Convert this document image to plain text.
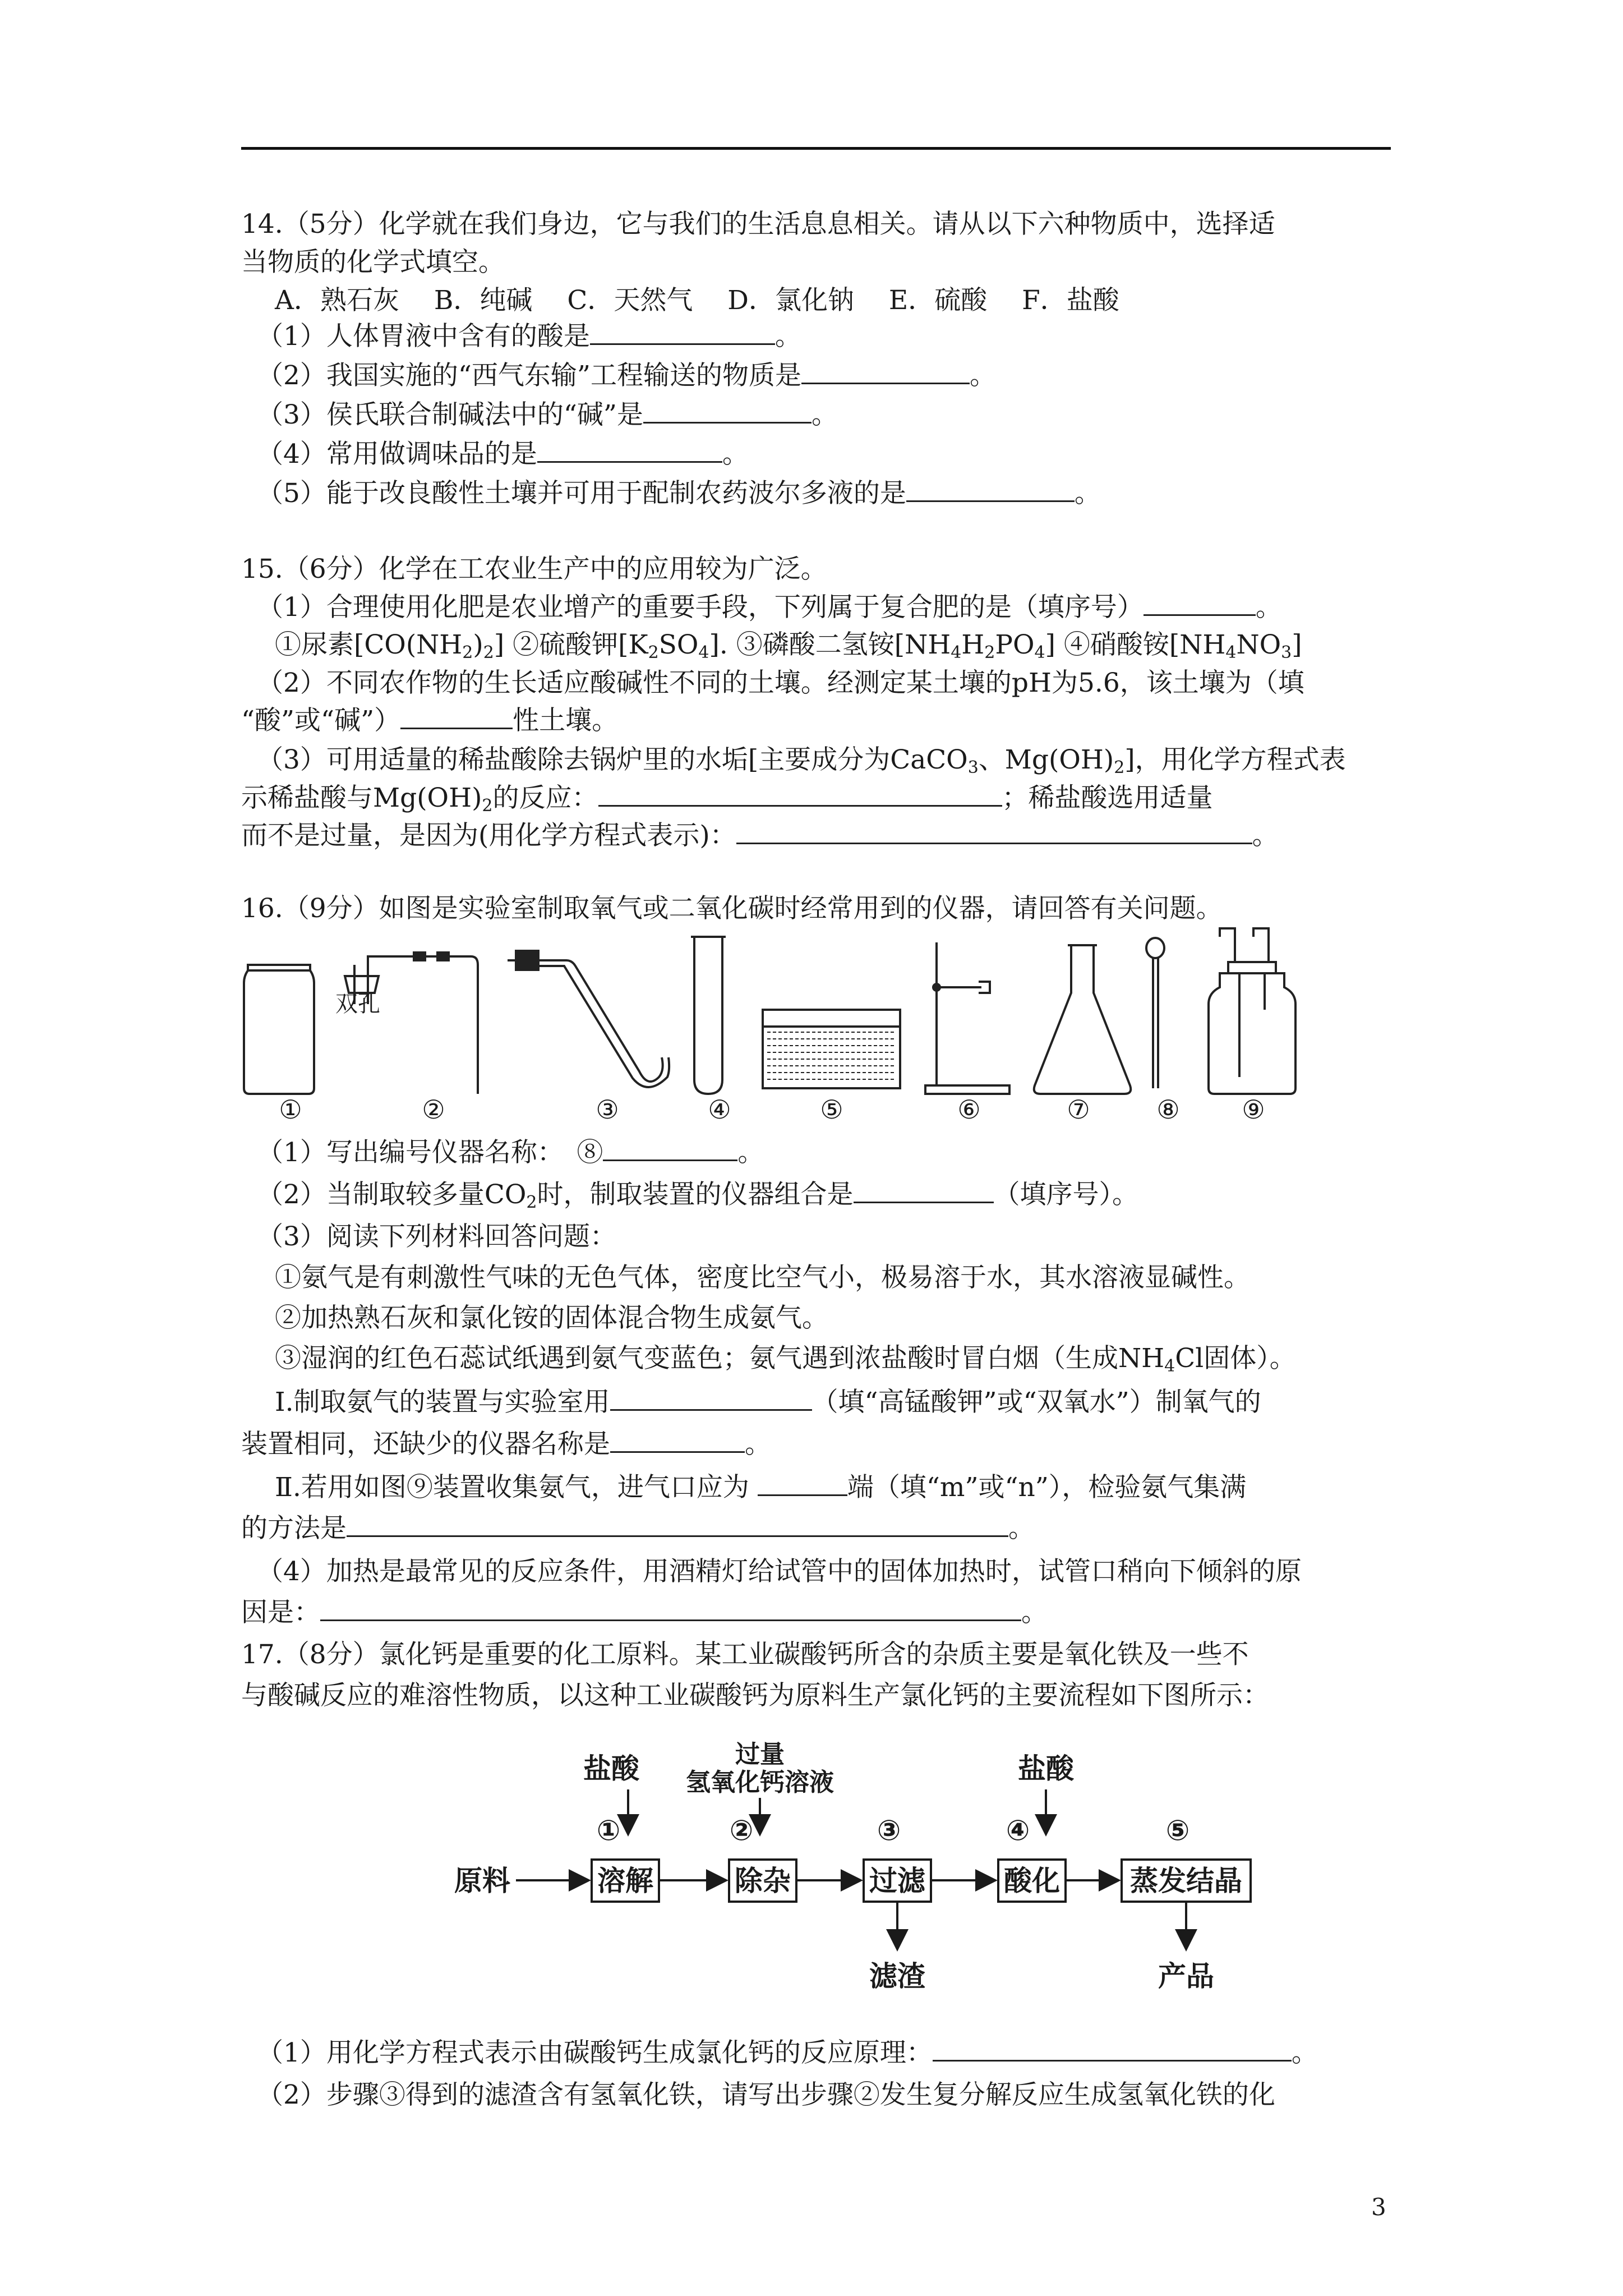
14.（5分）化学就在我们身边，它与我们的生活息息相关。请从以下六种物质中，选择适
当物质的化学式填空。
A．熟石灰　 B．纯碱　 C．天然气　 D．氯化钠　 E．硫酸　 F．盐酸
（1）人体胃液中含有的酸是	。
（2）我国实施的“西气东输”工程输送的物质是	。
（3）侯氏联合制碱法中的“碱”是	。
（4）常用做调味品的是	。
（5）能于改良酸性土壤并可用于配制农药波尔多液的是	。
15.（6分）化学在工农业生产中的应用较为广泛。
（1）合理使用化肥是农业增产的重要手段，下列属于复合肥的是（填序号）	。
①尿素$[CO(NH_2)_2]$ ②硫酸钾$[K_2SO_4]$. ③磷酸二氢铵$[NH_4H_2PO_4]$ ④硝酸铵$[NH_4NO_3]$
（2）不同农作物的生长适应酸碱性不同的土壤。经测定某土壤的pH为5.6，该土壤为（填
“酸”或“碱”）	性土壤。
（3）可用适量的稀盐酸除去锅炉里的水垢[主要成分为CaCO$_3$、$Mg(OH)_2$]，用化学方程式表
示稀盐酸与$Mg(OH)_2$的反应：	；稀盐酸选用适量
而不是过量，是因为(用化学方程式表示)：	。
16.（9分）如图是实验室制取氧气或二氧化碳时经常用到的仪器，请回答有关问题。
双孔
①	②	③	④	⑤	⑥	⑦	⑧	⑨
（1）写出编号仪器名称：　⑧	。
（2）当制取较多量$CO_2$时，制取装置的仪器组合是	（填序号）。
（3）阅读下列材料回答问题：
①氨气是有刺激性气味的无色气体，密度比空气小，极易溶于水，其水溶液显碱性。
②加热熟石灰和氯化铵的固体混合物生成氨气。
③湿润的红色石蕊试纸遇到氨气变蓝色；氨气遇到浓盐酸时冒白烟（生成$NH_4Cl$固体）。
Ⅰ.制取氨气的装置与实验室用	（填“高锰酸钾”或“双氧水”）制氧气的
装置相同，还缺少的仪器名称是	。
Ⅱ.若用如图⑨装置收集氨气，进气口应为	端（填“m”或“n”），检验氨气集满
的方法是	。
（4）加热是最常见的反应条件，用酒精灯给试管中的固体加热时，试管口稍向下倾斜的原
因是：	。
17.（8分）氯化钙是重要的化工原料。某工业碳酸钙所含的杂质主要是氧化铁及一些不
与酸碱反应的难溶性物质，以这种工业碳酸钙为原料生产氯化钙的主要流程如下图所示：
盐酸	过量
氢氧化钙溶液	盐酸
①	②	③	④	⑤
原料	溶解	除杂	过滤	酸化	蒸发结晶
滤渣	产品
（1）用化学方程式表示由碳酸钙生成氯化钙的反应原理：	。
（2）步骤③得到的滤渣含有氢氧化铁，请写出步骤②发生复分解反应生成氢氧化铁的化
3
